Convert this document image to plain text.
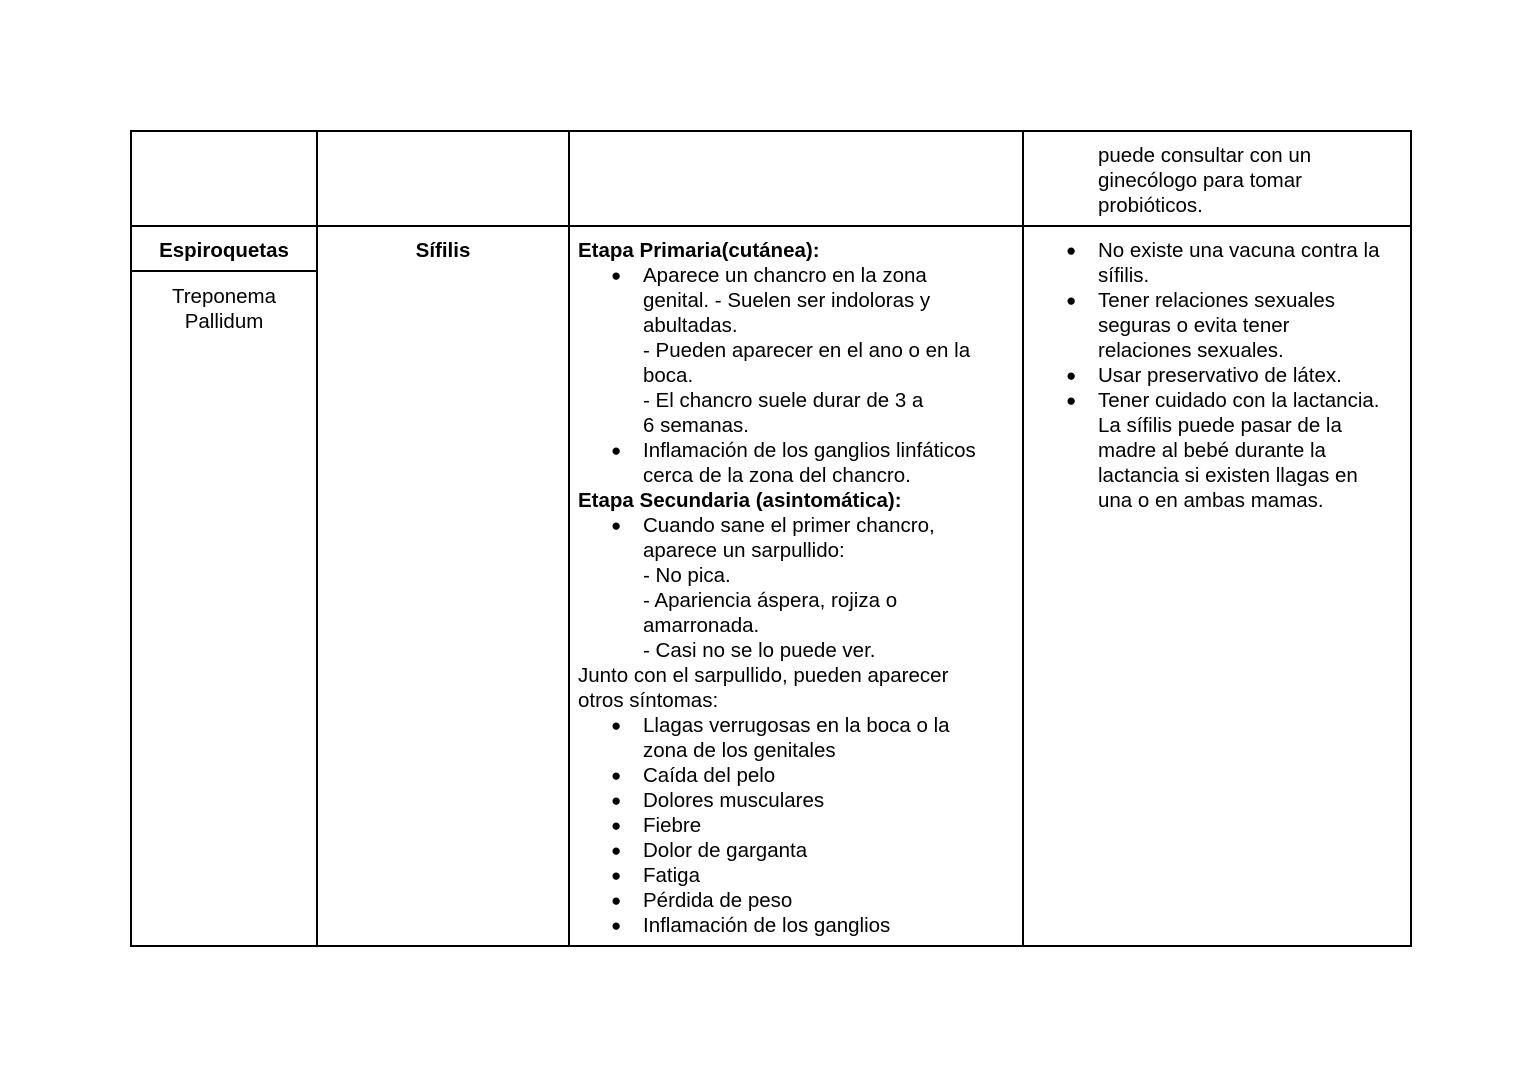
puede consultar con un
ginecólogo para tomar
probióticos.
Espiroquetas
Treponema
Pallidum
Sífilis	Etapa Primaria(cutánea):
● Aparece un chancro en la zona
genital. - Suelen ser indoloras y
abultadas.
- Pueden aparecer en el ano o en la
boca.
- El chancro suele durar de 3 a
6 semanas.
● Inflamación de los ganglios linfáticos
cerca de la zona del chancro.
Etapa Secundaria (asintomática):
● Cuando sane el primer chancro,
aparece un sarpullido:
- No pica.
- Apariencia áspera, rojiza o
amarronada.
- Casi no se lo puede ver.
Junto con el sarpullido, pueden aparecer
otros síntomas:
● Llagas verrugosas en la boca o la
zona de los genitales
● Caída del pelo
● Dolores musculares
● Fiebre
● Dolor de garganta
● Fatiga
● Pérdida de peso
● Inflamación de los ganglios
● No existe una vacuna contra la
sífilis.
● Tener relaciones sexuales
seguras o evita tener
relaciones sexuales.
● Usar preservativo de látex.
● Tener cuidado con la lactancia.
La sífilis puede pasar de la
madre al bebé durante la
lactancia si existen llagas en
una o en ambas mamas.
